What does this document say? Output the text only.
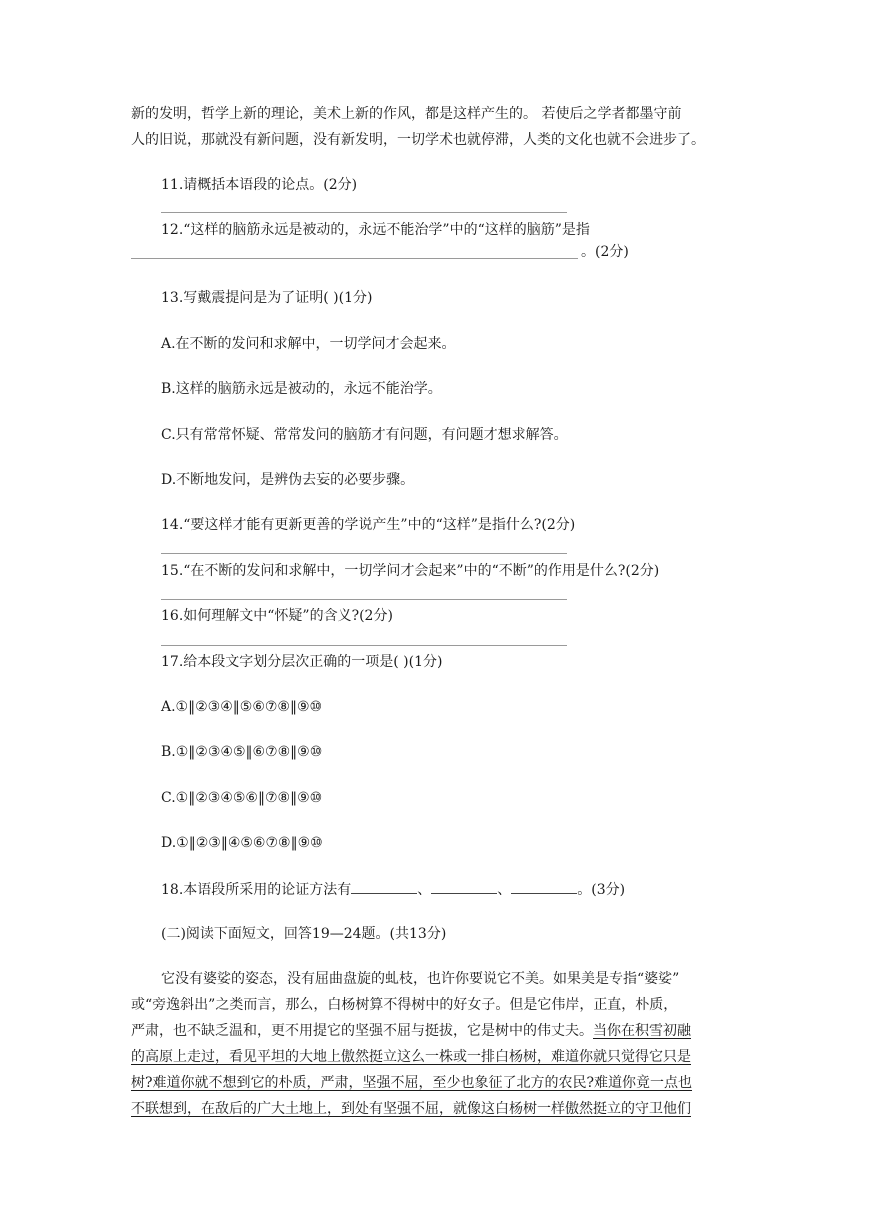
新的发明，哲学上新的理论，美术上新的作风，都是这样产生的。 若使后之学者都墨守前
人的旧说，那就没有新问题，没有新发明，一切学术也就停滞，人类的文化也就不会进步了。
11.请概括本语段的论点。(2分)
12.“这样的脑筋永远是被动的，永远不能治学”中的“这样的脑筋”是指
。(2分)
13.写戴震提问是为了证明( )(1分)
A.在不断的发问和求解中，一切学问才会起来。
B.这样的脑筋永远是被动的，永远不能治学。
C.只有常常怀疑、常常发问的脑筋才有问题，有问题才想求解答。
D.不断地发问，是辨伪去妄的必要步骤。
14.“要这样才能有更新更善的学说产生”中的“这样”是指什么?(2分)
15.“在不断的发问和求解中，一切学问才会起来”中的“不断”的作用是什么?(2分)
16.如何理解文中“怀疑”的含义?(2分)
17.给本段文字划分层次正确的一项是( )(1分)
A.①‖②③④‖⑤⑥⑦⑧‖⑨⑩
B.①‖②③④⑤‖⑥⑦⑧‖⑨⑩
C.①‖②③④⑤⑥‖⑦⑧‖⑨⑩
D.①‖②③‖④⑤⑥⑦⑧‖⑨⑩
18.本语段所采用的论证方法有	、	、	。(3分)
(二)阅读下面短文，回答19—24题。(共13分)
它没有婆娑的姿态，没有屈曲盘旋的虬枝，也许你要说它不美。如果美是专指“婆娑”
或“旁逸斜出”之类而言，那么，白杨树算不得树中的好女子。但是它伟岸，正直，朴质，
严肃，也不缺乏温和，更不用提它的坚强不屈与挺拔，它是树中的伟丈夫。当你在积雪初融
的高原上走过，看见平坦的大地上傲然挺立这么一株或一排白杨树，难道你就只觉得它只是
树?难道你就不想到它的朴质，严肃，坚强不屈，至少也象征了北方的农民?难道你竟一点也
不联想到，在敌后的广大土地上，到处有坚强不屈，就像这白杨树一样傲然挺立的守卫他们
